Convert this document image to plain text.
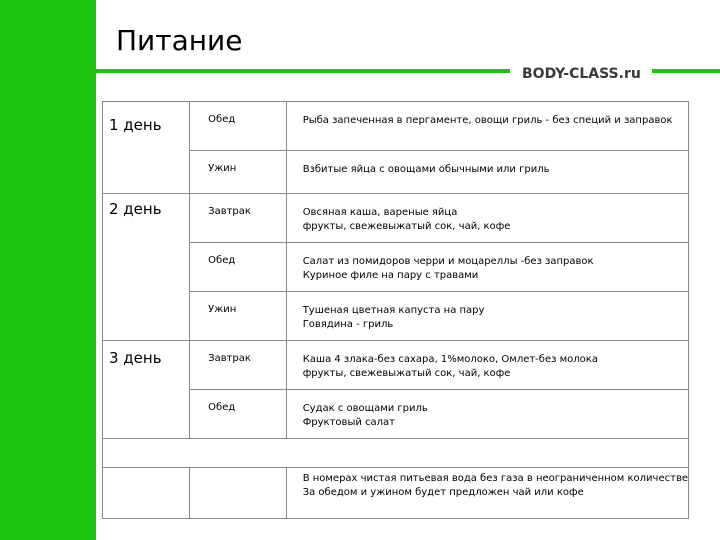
Питание
BODY-CLASS.ru
1 день	Обед	Рыба запеченная в пергаменте, овощи гриль - без специй и заправок

	Ужин	Взбитые яйца с овощами обычными или гриль

2 день	Завтрак	Овсяная каша, вареные яйца
фрукты, свежевыжатый сок, чай, кофе

	Обед	Салат из помидоров черри и моцареллы -без заправок
Куриное филе на пару с травами

	Ужин	Тушеная цветная капуста на пару
Говядина - гриль

3 день	Завтрак	Каша 4 злака-без сахара, 1%молоко, Омлет-без молока
фрукты, свежевыжатый сок, чай, кофе

	Обед	Судак с овощами гриль
Фруктовый салат

		В номерах чистая питьевая вода без газа в неограниченном количестве
За обедом и ужином будет предложен чай или кофе
